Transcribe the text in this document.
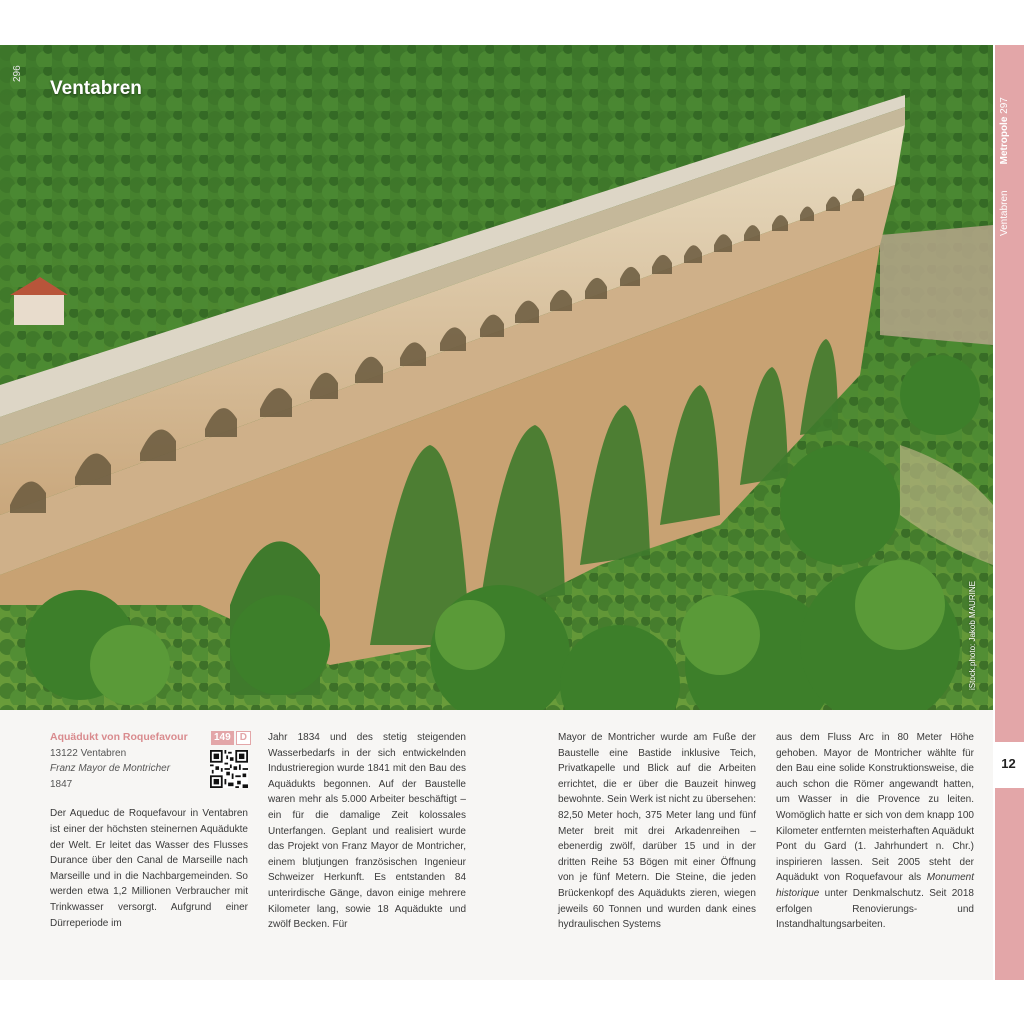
296
Ventabren
iStock.photo: Jakob MAURINE
VentabrenMetropole 297
12
Aquädukt von Roquefavour
13122 Ventabren
Franz Mayor de Montricher
1847

Der Aqueduc de Roquefavour in Ventabren ist einer der höchsten steinernen Aquädukte der Welt. Er leitet das Wasser des Flusses Durance über den Canal de Marseille nach Marseille und in die Nachbargemeinden. So werden etwa 1,2 Millionen Verbraucher mit Trinkwasser versorgt. Aufgrund einer Dürreperiode im

149 D	Jahr 1834 und des stetig steigenden Wasserbedarfs in der sich entwickelnden Industrieregion wurde 1841 mit den Bau des Aquädukts begonnen. Auf der Baustelle waren mehr als 5.000 Arbeiter beschäftigt – ein für die damalige Zeit kolossales Unterfangen. Geplant und realisiert wurde das Projekt von Franz Mayor de Montricher, einem blutjungen französischen Ingenieur Schweizer Herkunft. Es entstanden 84 unterirdische Gänge, davon einige mehrere Kilometer lang, sowie 18 Aquädukte und zwölf Becken. Für

Mayor de Montricher wurde am Fuße der Baustelle eine Bastide inklusive Teich, Privatkapelle und Blick auf die Arbeiten errichtet, die er über die Bauzeit hinweg bewohnte. Sein Werk ist nicht zu übersehen: 82,50 Meter hoch, 375 Meter lang und fünf Meter breit mit drei Arkadenreihen – ebenerdig zwölf, darüber 15 und in der dritten Reihe 53 Bögen mit einer Öffnung von je fünf Metern. Die Steine, die jeden Brückenkopf des Aquädukts zieren, wiegen jeweils 60 Tonnen und wurden dank eines hydraulischen Systems

aus dem Fluss Arc in 80 Meter Höhe gehoben. Mayor de Montricher wählte für den Bau eine solide Konstruktionsweise, die auch schon die Römer angewandt hatten, um Wasser in die Provence zu leiten. Womöglich hatte er sich von dem knapp 100 Kilometer entfernten meisterhaften Aquädukt Pont du Gard (1. Jahrhundert n. Chr.) inspirieren lassen. Seit 2005 steht der Aquädukt von Roquefavour als Monument historique unter Denkmalschutz. Seit 2018 erfolgen Renovierungs- und Instandhaltungsarbeiten.
